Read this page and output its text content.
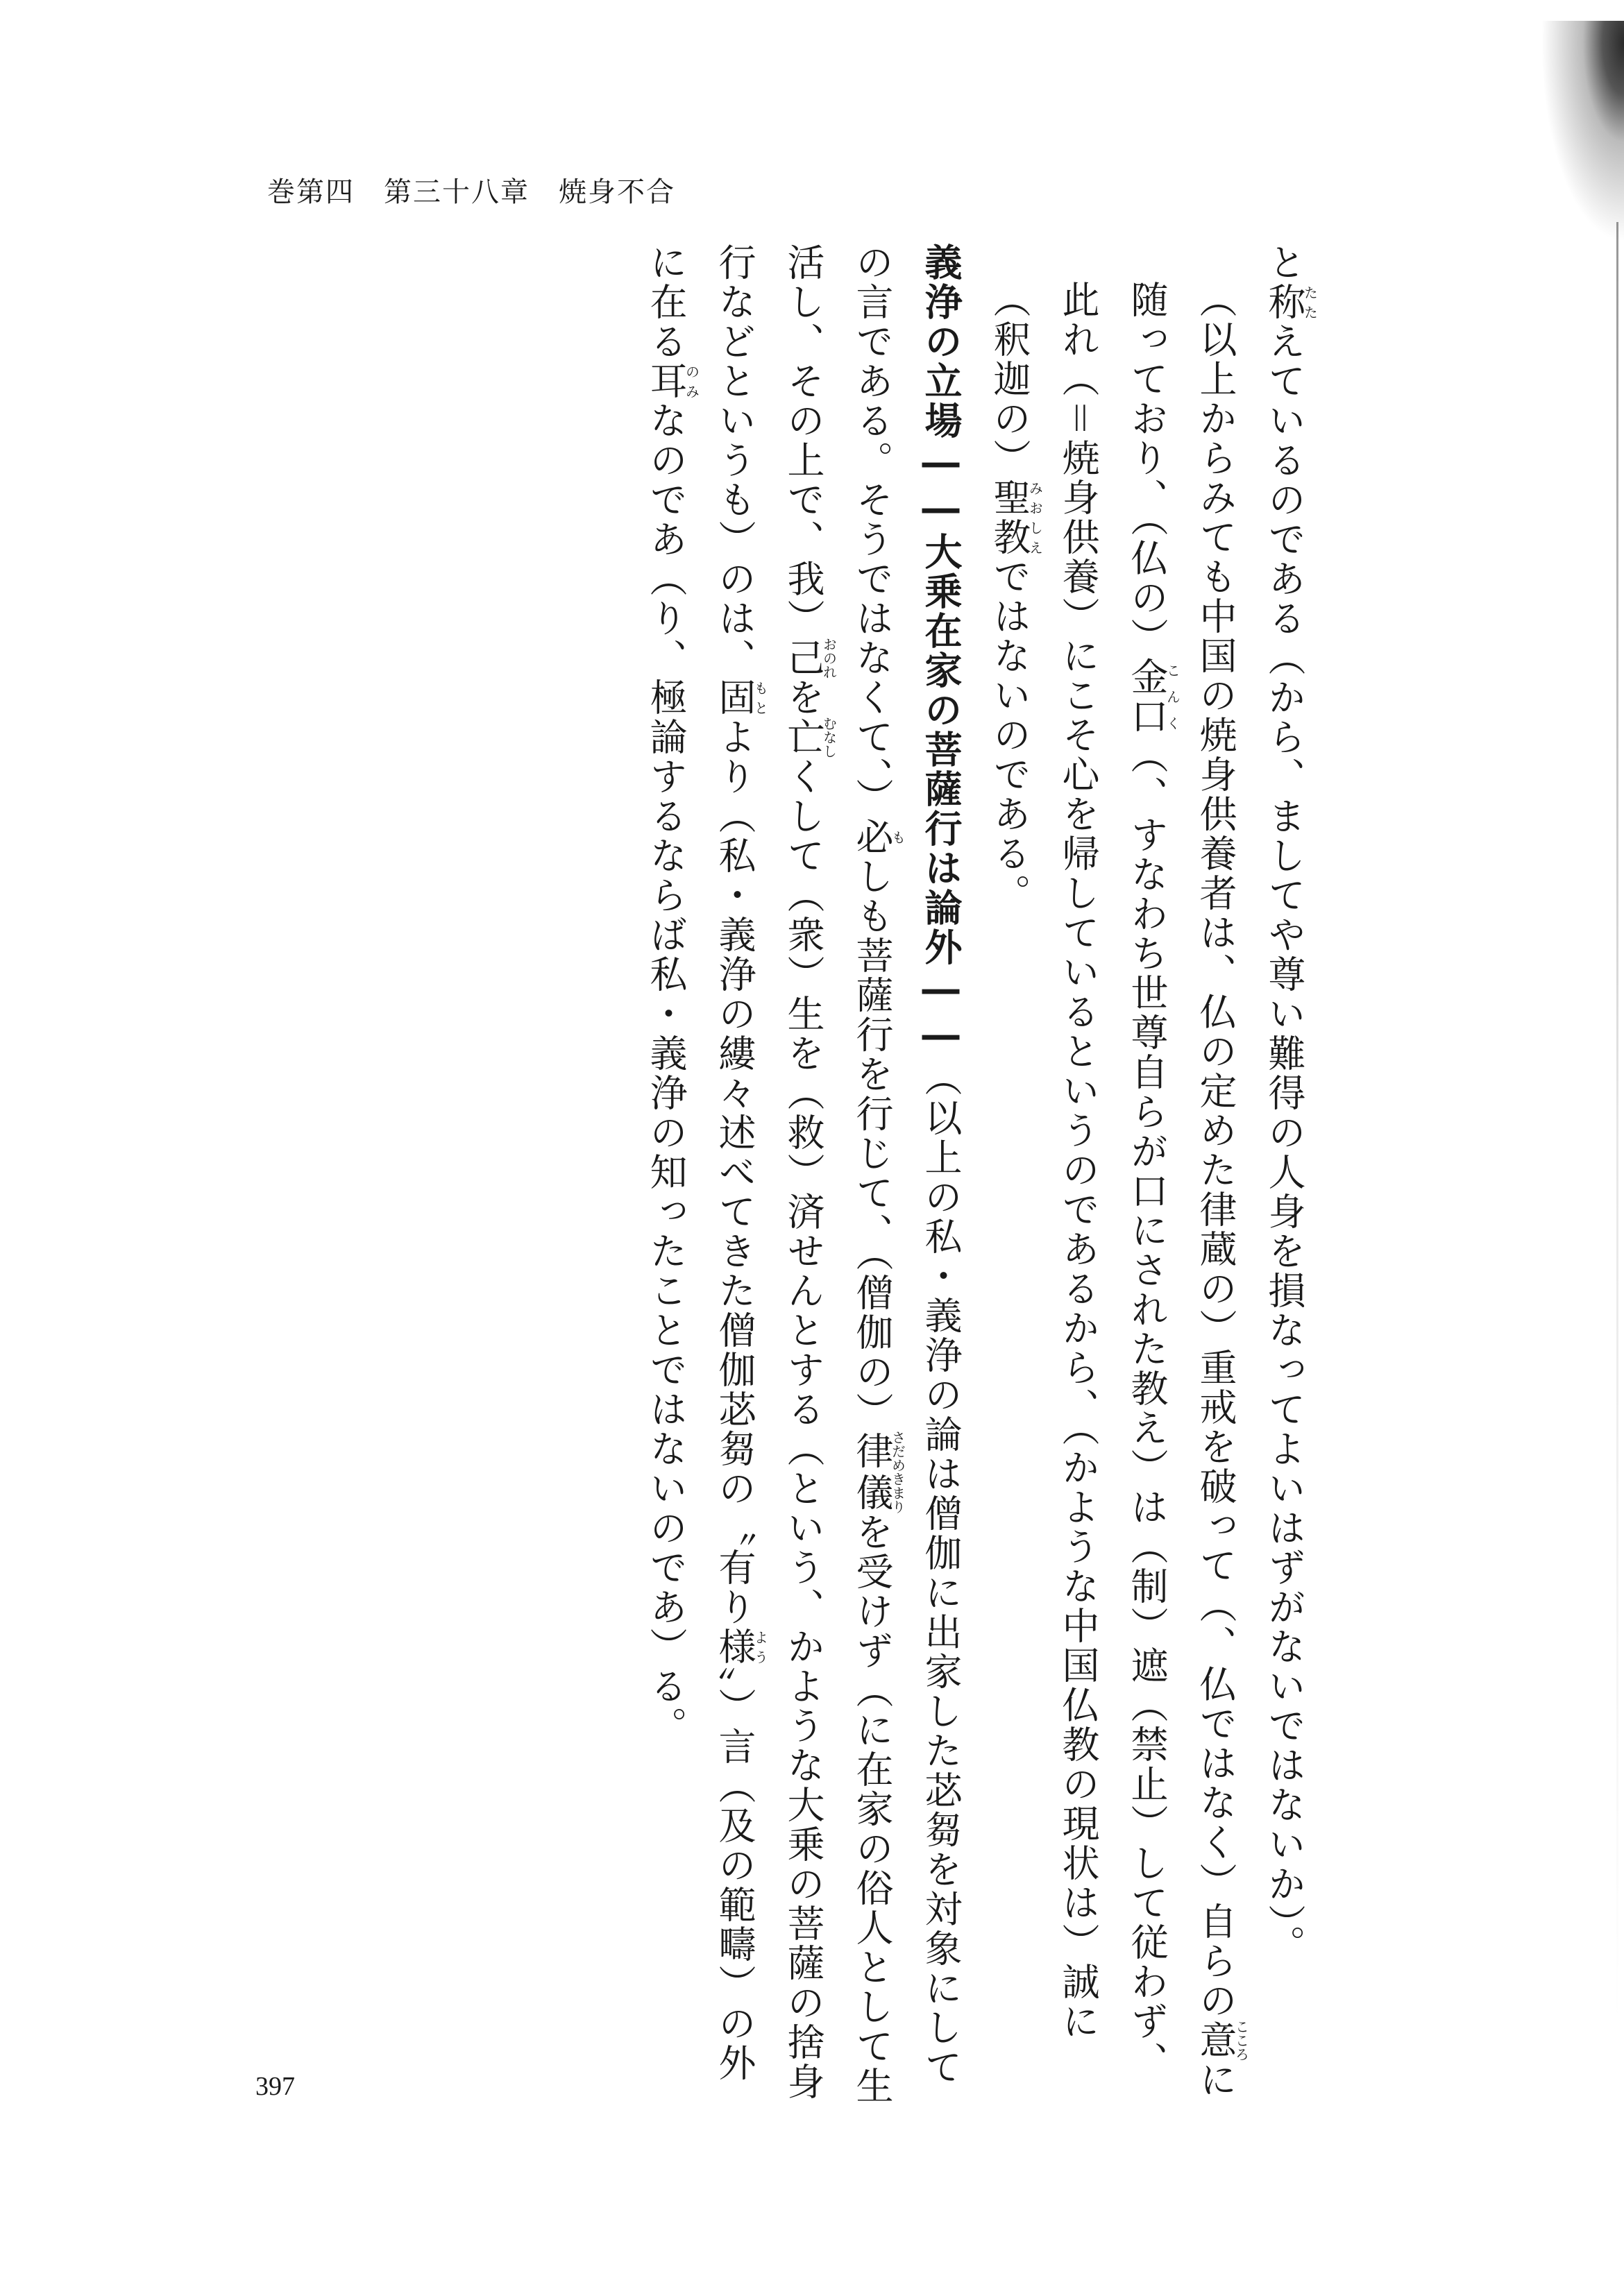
巻第四　第三十八章　焼身不合

と称たたえているのである（から、ましてや尊い難得の人身を損なってよいはずがないではないか）。

（以上からみても中国の焼身供養者は、仏の定めた律蔵の）重戒を破って（、仏ではなく）自らの意こころに随っており、（仏の）金口こんく（、すなわち世尊自らが口にされた教え）は（制）遮（禁止）して従わず、此れ（＝焼身供養）にこそ心を帰しているというのであるから、（かような中国仏教の現状は）誠に（釈迦の）聖教みおしえではないのである。

義浄の立場――大乗在家の菩薩行は論外――（以上の私・義浄の論は僧伽に出家した苾芻を対象にしての言である。そうではなくて、）必もしも菩薩行を行じて、（僧伽の）律儀さだめきまりを受けず（に在家の俗人として生活し、その上で、我）己おのれを亡むなしくして（衆）生を（救）済せんとする（という、かような大乗の菩薩の捨身行などというも）のは、固もとより（私・義浄の縷々述べてきた僧伽苾芻の〝有り様よう〟）言（及の範疇）の外に在る耳のみなのであ（り、極論するならば私・義浄の知ったことではないのであ）る。

397
